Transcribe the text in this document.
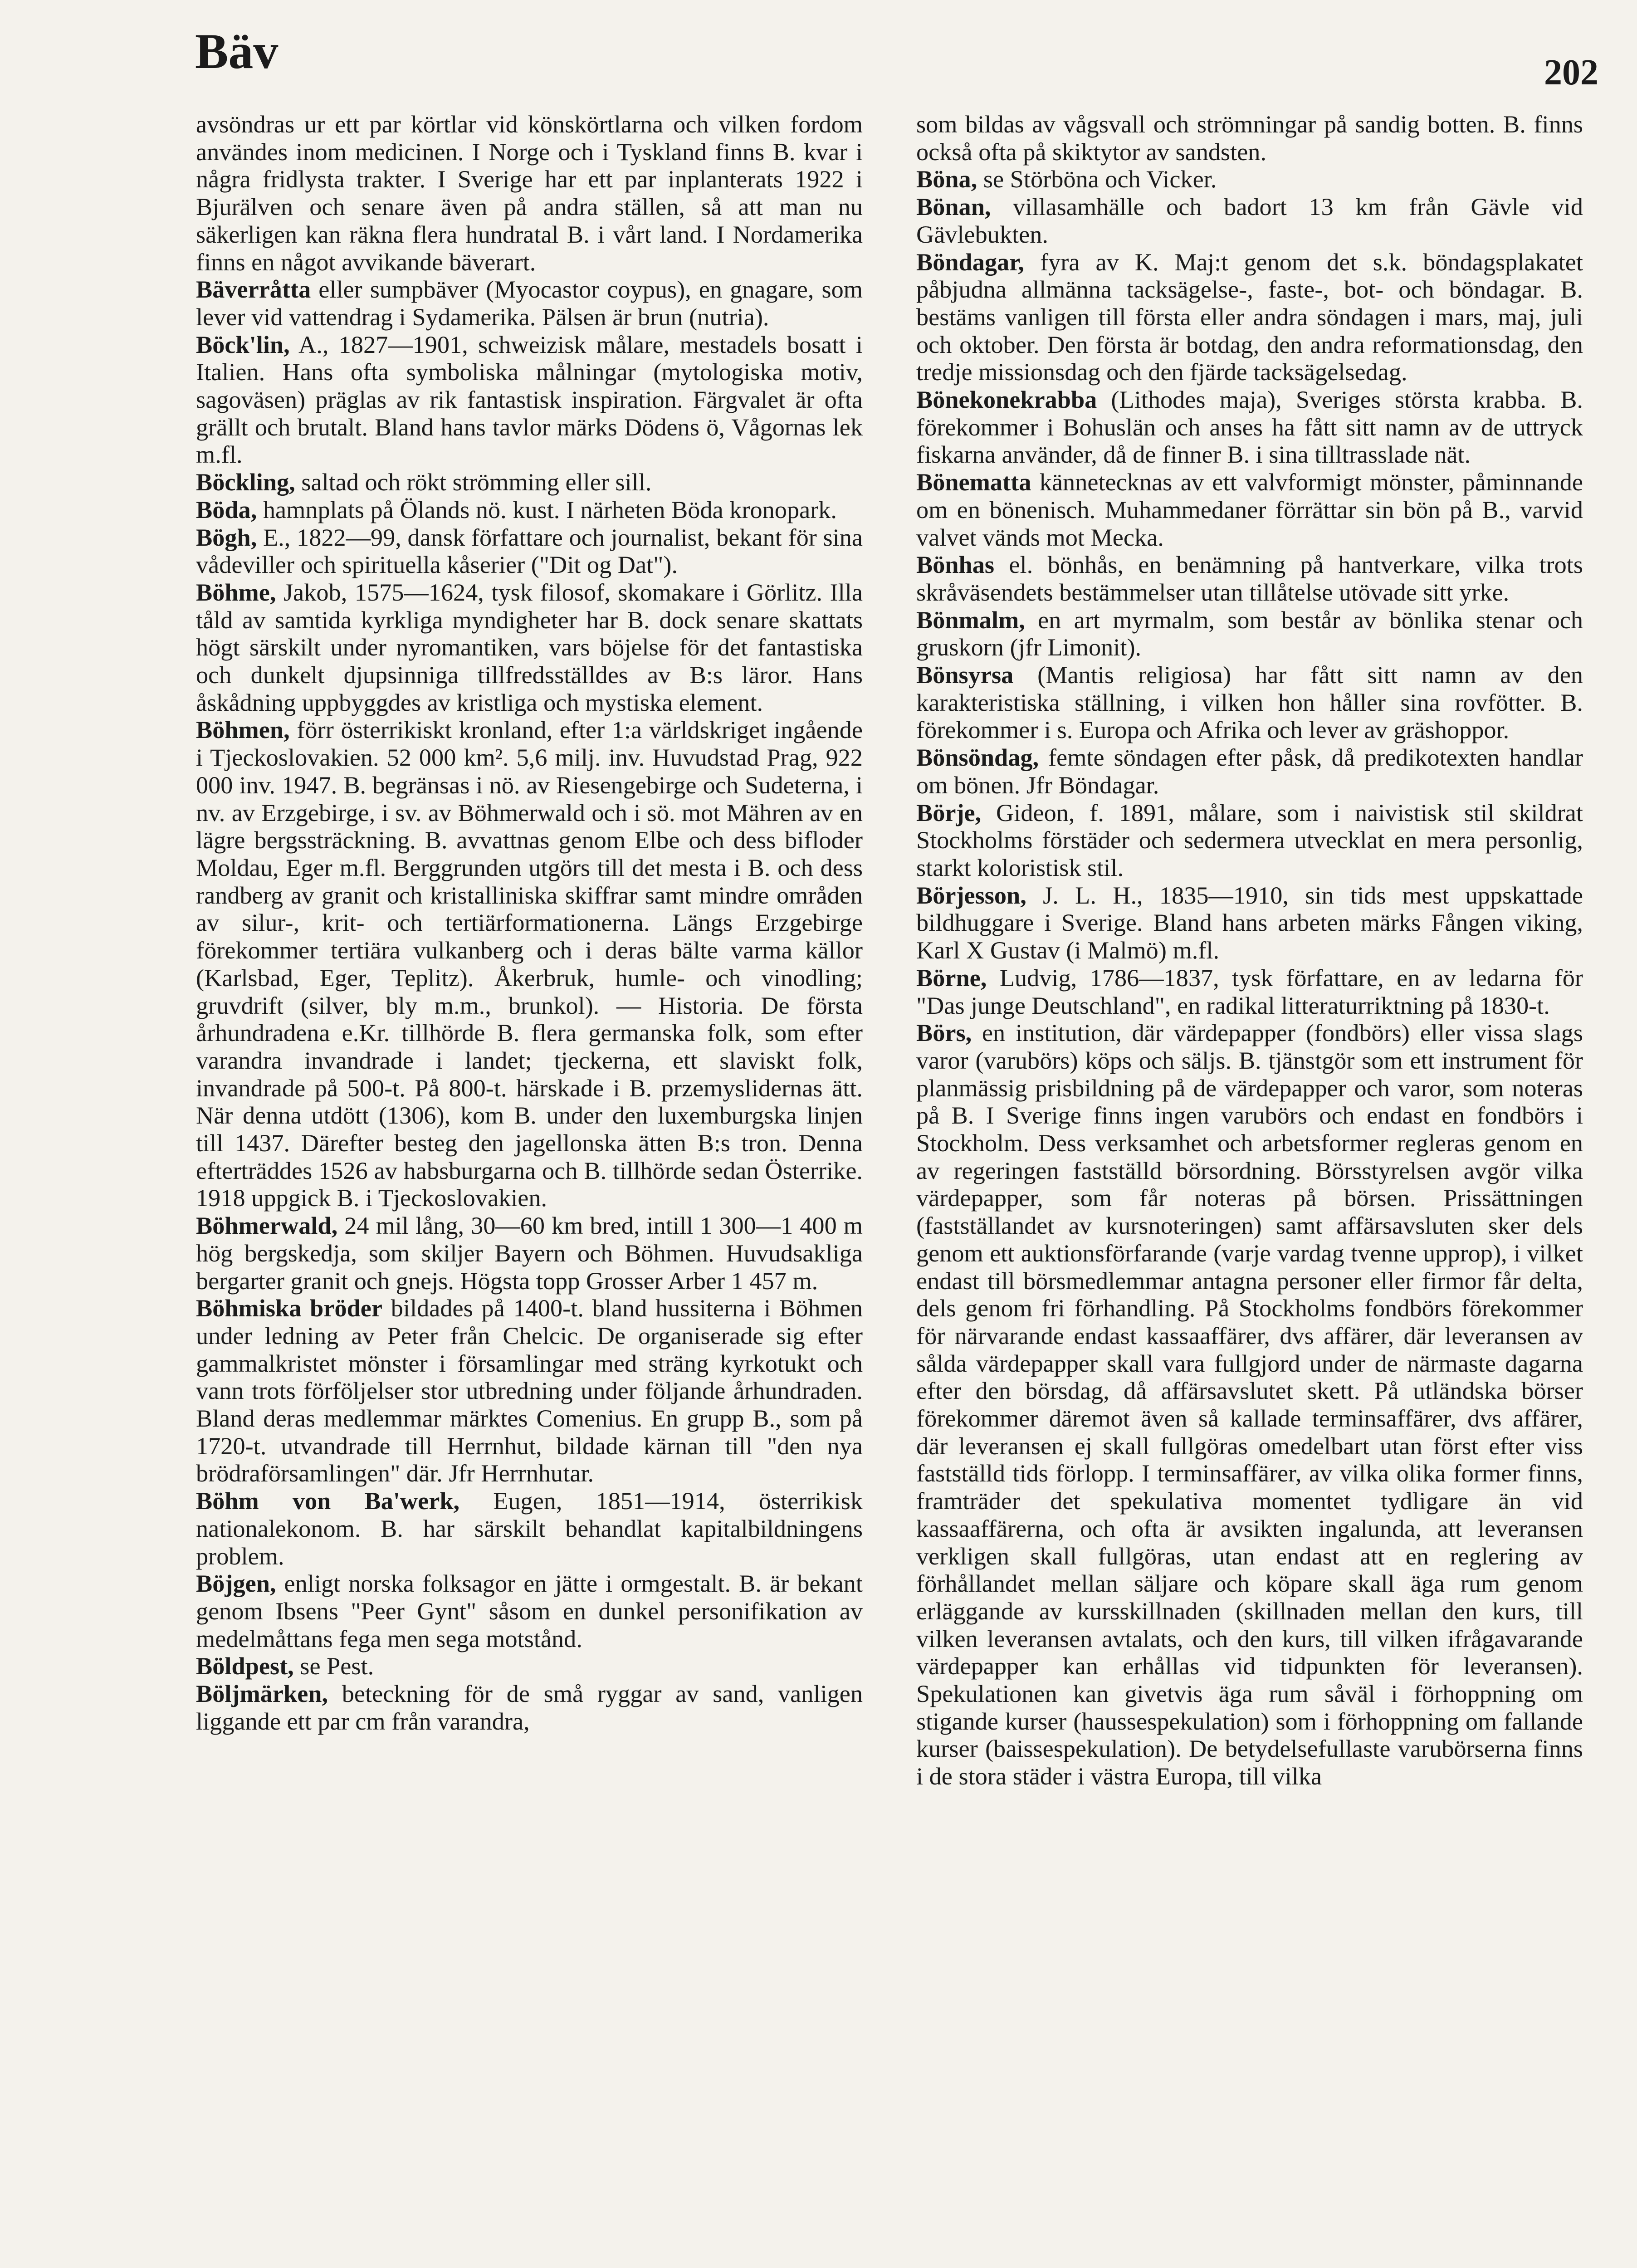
Bäv	202

avsöndras ur ett par körtlar vid könskörtlarna och vilken fordom användes inom medicinen. I Norge och i Tyskland finns B. kvar i några fridlysta trakter. I Sverige har ett par inplanterats 1922 i Bjurälven och senare även på andra ställen, så att man nu säkerligen kan räkna flera hundratal B. i vårt land. I Nordamerika finns en något avvikande bäverart.

Bäverråtta eller sumpbäver (Myocastor coypus), en gnagare, som lever vid vattendrag i Sydamerika. Pälsen är brun (nutria).

Böck'lin, A., 1827—1901, schweizisk målare, mestadels bosatt i Italien. Hans ofta symboliska målningar (mytologiska motiv, sagoväsen) präglas av rik fantastisk inspiration. Färgvalet är ofta grällt och brutalt. Bland hans tavlor märks Dödens ö, Vågornas lek m.fl.

Böckling, saltad och rökt strömming eller sill.

Böda, hamnplats på Ölands nö. kust. I närheten Böda kronopark.

Bögh, E., 1822—99, dansk författare och journalist, bekant för sina vådeviller och spirituella kåserier ("Dit og Dat").

Böhme, Jakob, 1575—1624, tysk filosof, skomakare i Görlitz. Illa tåld av samtida kyrkliga myndigheter har B. dock senare skattats högt särskilt under nyromantiken, vars böjelse för det fantastiska och dunkelt djupsinniga tillfredsställdes av B:s läror. Hans åskådning uppbyggdes av kristliga och mystiska element.

Böhmen, förr österrikiskt kronland, efter 1:a världskriget ingående i Tjeckoslovakien. 52 000 km². 5,6 milj. inv. Huvudstad Prag, 922 000 inv. 1947. B. begränsas i nö. av Riesengebirge och Sudeterna, i nv. av Erzgebirge, i sv. av Böhmerwald och i sö. mot Mähren av en lägre bergssträckning. B. avvattnas genom Elbe och dess bifloder Moldau, Eger m.fl. Berggrunden utgörs till det mesta i B. och dess randberg av granit och kristalliniska skiffrar samt mindre områden av silur-, krit- och tertiärformationerna. Längs Erzgebirge förekommer tertiära vulkanberg och i deras bälte varma källor (Karlsbad, Eger, Teplitz). Åkerbruk, humle- och vinodling; gruvdrift (silver, bly m.m., brunkol). — Historia. De första århundradena e.Kr. tillhörde B. flera germanska folk, som efter varandra invandrade i landet; tjeckerna, ett slaviskt folk, invandrade på 500-t. På 800-t. härskade i B. przemyslidernas ätt. När denna utdött (1306), kom B. under den luxemburgska linjen till 1437. Därefter besteg den jagellonska ätten B:s tron. Denna efterträddes 1526 av habsburgarna och B. tillhörde sedan Österrike. 1918 uppgick B. i Tjeckoslovakien.

Böhmerwald, 24 mil lång, 30—60 km bred, intill 1 300—1 400 m hög bergskedja, som skiljer Bayern och Böhmen. Huvudsakliga bergarter granit och gnejs. Högsta topp Grosser Arber 1 457 m.

Böhmiska bröder bildades på 1400-t. bland hussiterna i Böhmen under ledning av Peter från Chelcic. De organiserade sig efter gammalkristet mönster i församlingar med sträng kyrkotukt och vann trots förföljelser stor utbredning under följande århundraden. Bland deras medlemmar märktes Comenius. En grupp B., som på 1720-t. utvandrade till Herrnhut, bildade kärnan till "den nya brödraförsamlingen" där. Jfr Herrnhutar.

Böhm von Ba'werk, Eugen, 1851—1914, österrikisk nationalekonom. B. har särskilt behandlat kapitalbildningens problem.

Böjgen, enligt norska folksagor en jätte i ormgestalt. B. är bekant genom Ibsens "Peer Gynt" såsom en dunkel personifikation av medelmåttans fega men sega motstånd.

Böldpest, se Pest.

Böljmärken, beteckning för de små ryggar av sand, vanligen liggande ett par cm från varandra,

som bildas av vågsvall och strömningar på sandig botten. B. finns också ofta på skiktytor av sandsten.

Böna, se Störböna och Vicker.

Bönan, villasamhälle och badort 13 km från Gävle vid Gävlebukten.

Böndagar, fyra av K. Maj:t genom det s.k. böndagsplakatet påbjudna allmänna tacksägelse-, faste-, bot- och böndagar. B. bestäms vanligen till första eller andra söndagen i mars, maj, juli och oktober. Den första är botdag, den andra reformationsdag, den tredje missionsdag och den fjärde tacksägelsedag.

Bönekonekrabba (Lithodes maja), Sveriges största krabba. B. förekommer i Bohuslän och anses ha fått sitt namn av de uttryck fiskarna använder, då de finner B. i sina tilltrasslade nät.

Bönematta kännetecknas av ett valvformigt mönster, påminnande om en bönenisch. Muhammedaner förrättar sin bön på B., varvid valvet vänds mot Mecka.

Bönhas el. bönhås, en benämning på hantverkare, vilka trots skråväsendets bestämmelser utan tillåtelse utövade sitt yrke.

Bönmalm, en art myrmalm, som består av bönlika stenar och gruskorn (jfr Limonit).

Bönsyrsa (Mantis religiosa) har fått sitt namn av den karakteristiska ställning, i vilken hon håller sina rovfötter. B. förekommer i s. Europa och Afrika och lever av gräshoppor.

Bönsöndag, femte söndagen efter påsk, då predikotexten handlar om bönen. Jfr Böndagar.

Börje, Gideon, f. 1891, målare, som i naivistisk stil skildrat Stockholms förstäder och sedermera utvecklat en mera personlig, starkt koloristisk stil.

Börjesson, J. L. H., 1835—1910, sin tids mest uppskattade bildhuggare i Sverige. Bland hans arbeten märks Fången viking, Karl X Gustav (i Malmö) m.fl.

Börne, Ludvig, 1786—1837, tysk författare, en av ledarna för "Das junge Deutschland", en radikal litteraturriktning på 1830-t.

Börs, en institution, där värdepapper (fondbörs) eller vissa slags varor (varubörs) köps och säljs. B. tjänstgör som ett instrument för planmässig prisbildning på de värdepapper och varor, som noteras på B. I Sverige finns ingen varubörs och endast en fondbörs i Stockholm. Dess verksamhet och arbetsformer regleras genom en av regeringen fastställd börsordning. Börsstyrelsen avgör vilka värdepapper, som får noteras på börsen. Prissättningen (fastställandet av kursnoteringen) samt affärsavsluten sker dels genom ett auktionsförfarande (varje vardag tvenne upprop), i vilket endast till börsmedlemmar antagna personer eller firmor får delta, dels genom fri förhandling. På Stockholms fondbörs förekommer för närvarande endast kassaaffärer, dvs affärer, där leveransen av sålda värdepapper skall vara fullgjord under de närmaste dagarna efter den börsdag, då affärsavslutet skett. På utländska börser förekommer däremot även så kallade terminsaffärer, dvs affärer, där leveransen ej skall fullgöras omedelbart utan först efter viss fastställd tids förlopp. I terminsaffärer, av vilka olika former finns, framträder det spekulativa momentet tydligare än vid kassaaffärerna, och ofta är avsikten ingalunda, att leveransen verkligen skall fullgöras, utan endast att en reglering av förhållandet mellan säljare och köpare skall äga rum genom erläggande av kursskillnaden (skillnaden mellan den kurs, till vilken leveransen avtalats, och den kurs, till vilken ifrågavarande värdepapper kan erhållas vid tidpunkten för leveransen). Spekulationen kan givetvis äga rum såväl i förhoppning om stigande kurser (haussespekulation) som i förhoppning om fallande kurser (baissespekulation). De betydelsefullaste varubörserna finns i de stora städer i västra Europa, till vilka
